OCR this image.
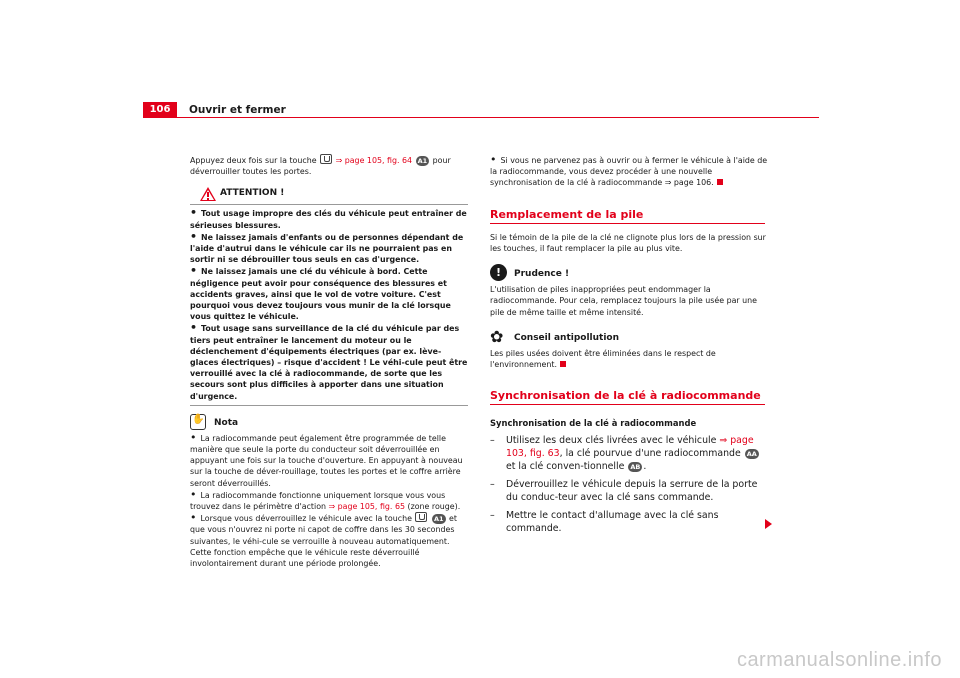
106	Ouvrir et fermer

Appuyez deux fois sur la touche  ⇒ page 105, fig. 64 A1 pour déverrouiller toutes les portes.

ATTENTION !

• Tout usage impropre des clés du véhicule peut entraîner de sérieuses blessures.

• Ne laissez jamais d'enfants ou de personnes dépendant de l'aide d'autrui dans le véhicule car ils ne pourraient pas en sortir ni se débrouiller tous seuls en cas d'urgence.

• Ne laissez jamais une clé du véhicule à bord. Cette négligence peut avoir pour conséquence des blessures et accidents graves, ainsi que le vol de votre voiture. C'est pourquoi vous devez toujours vous munir de la clé lorsque vous quittez le véhicule.

• Tout usage sans surveillance de la clé du véhicule par des tiers peut entraîner le lancement du moteur ou le déclenchement d'équipements électriques (par ex. lève-glaces électriques) – risque d'accident ! Le véhi-cule peut être verrouillé avec la clé à radiocommande, de sorte que les secours sont plus difficiles à apporter dans une situation d'urgence.

✋
Nota

• La radiocommande peut également être programmée de telle manière que seule la porte du conducteur soit déverrouillée en appuyant une fois sur la touche d'ouverture. En appuyant à nouveau sur la touche de déver-rouillage, toutes les portes et le coffre arrière seront déverrouillés.

• La radiocommande fonctionne uniquement lorsque vous vous trouvez dans le périmètre d'action ⇒ page 105, fig. 65 (zone rouge).

• Lorsque vous déverrouillez le véhicule avec la touche	A1 et que vous n'ouvrez ni porte ni capot de coffre dans les 30 secondes suivantes, le véhi-cule se verrouille à nouveau automatiquement. Cette fonction empêche que le véhicule reste déverrouillé involontairement durant une période prolongée.

• Si vous ne parvenez pas à ouvrir ou à fermer le véhicule à l'aide de la radiocommande, vous devez procéder à une nouvelle synchronisation de la clé à radiocommande ⇒ page 106.

Remplacement de la pile

Si le témoin de la pile de la clé ne clignote plus lors de la pression sur les touches, il faut remplacer la pile au plus vite.

!	Prudence !

L'utilisation de piles inappropriées peut endommager la radiocommande. Pour cela, remplacez toujours la pile usée par une pile de même taille et même intensité.

✿ Conseil antipollution

Les piles usées doivent être éliminées dans le respect de l'environnement.

Synchronisation de la clé à radiocommande

Synchronisation de la clé à radiocommande

– Utilisez les deux clés livrées avec le véhicule ⇒ page 103, fig. 63, la clé pourvue d'une radiocommande AA et la clé conven-tionnelle AB .

– Déverrouillez le véhicule depuis la serrure de la porte du conduc-teur avec la clé sans commande.

– Mettre le contact d'allumage avec la clé sans commande.

carmanualsonline.info
